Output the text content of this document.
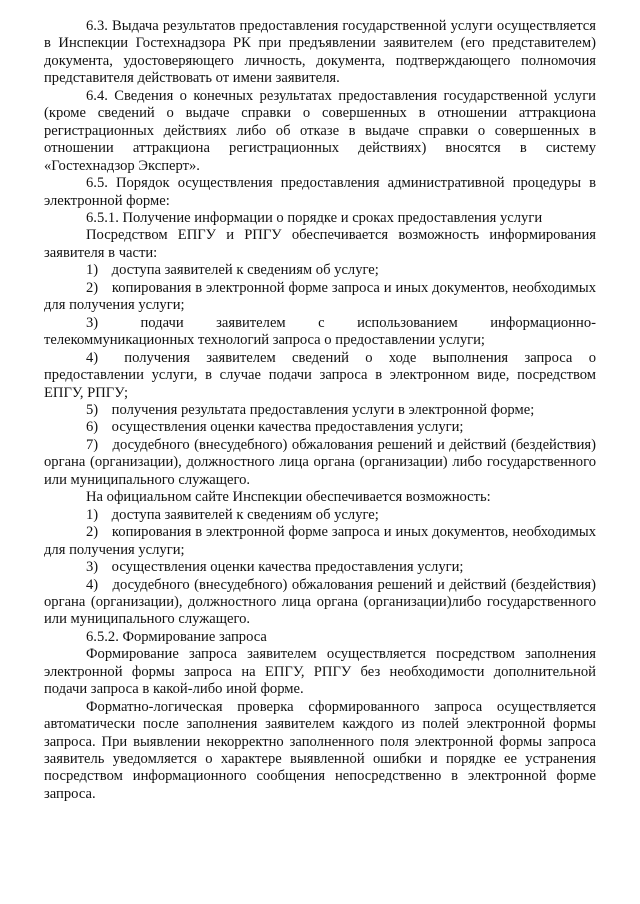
6.3. Выдача результатов предоставления государственной услуги осуществляется в Инспекции Гостехнадзора РК при предъявлении заявителем (его представителем) документа, удостоверяющего личность, документа, подтверждающего полномочия представителя действовать от имени заявителя.

6.4. Сведения о конечных результатах предоставления государственной услуги (кроме сведений о выдаче справки о совершенных в отношении аттракциона регистрационных действиях либо об отказе в выдаче справки о совершенных в отношении аттракциона регистрационных действиях) вносятся в систему «Гостехнадзор Эксперт».

6.5. Порядок осуществления предоставления административной процедуры в электронной форме:

6.5.1. Получение информации о порядке и сроках предоставления услуги

Посредством ЕПГУ и РПГУ обеспечивается возможность информирования заявителя в части:

1) доступа заявителей к сведениям об услуге;

2) копирования в электронной форме запроса и иных документов, необходимых для получения услуги;

3)	подачи заявителем с использованием информационно-телекоммуникационных технологий запроса о предоставлении услуги;

4) получения заявителем сведений о ходе выполнения запроса о предоставлении услуги, в случае подачи запроса в электронном виде, посредством ЕПГУ, РПГУ;

5) получения результата предоставления услуги в электронной форме;

6) осуществления оценки качества предоставления услуги;

7) досудебного (внесудебного) обжалования решений и действий (бездействия) органа (организации), должностного лица органа (организации) либо государственного или муниципального служащего.

На официальном сайте Инспекции обеспечивается возможность:

1) доступа заявителей к сведениям об услуге;

2) копирования в электронной форме запроса и иных документов, необходимых для получения услуги;

3) осуществления оценки качества предоставления услуги;

4) досудебного (внесудебного) обжалования решений и действий (бездействия) органа (организации), должностного лица органа (организации)либо государственного или муниципального служащего.

6.5.2. Формирование запроса

Формирование запроса заявителем осуществляется посредством заполнения электронной формы запроса на ЕПГУ, РПГУ без необходимости дополнительной подачи запроса в какой-либо иной форме.

Форматно-логическая проверка сформированного запроса осуществляется автоматически после заполнения заявителем каждого из полей электронной формы запроса. При выявлении некорректно заполненного поля электронной формы запроса заявитель уведомляется о характере выявленной ошибки и порядке ее устранения посредством информационного сообщения непосредственно в электронной форме запроса.
